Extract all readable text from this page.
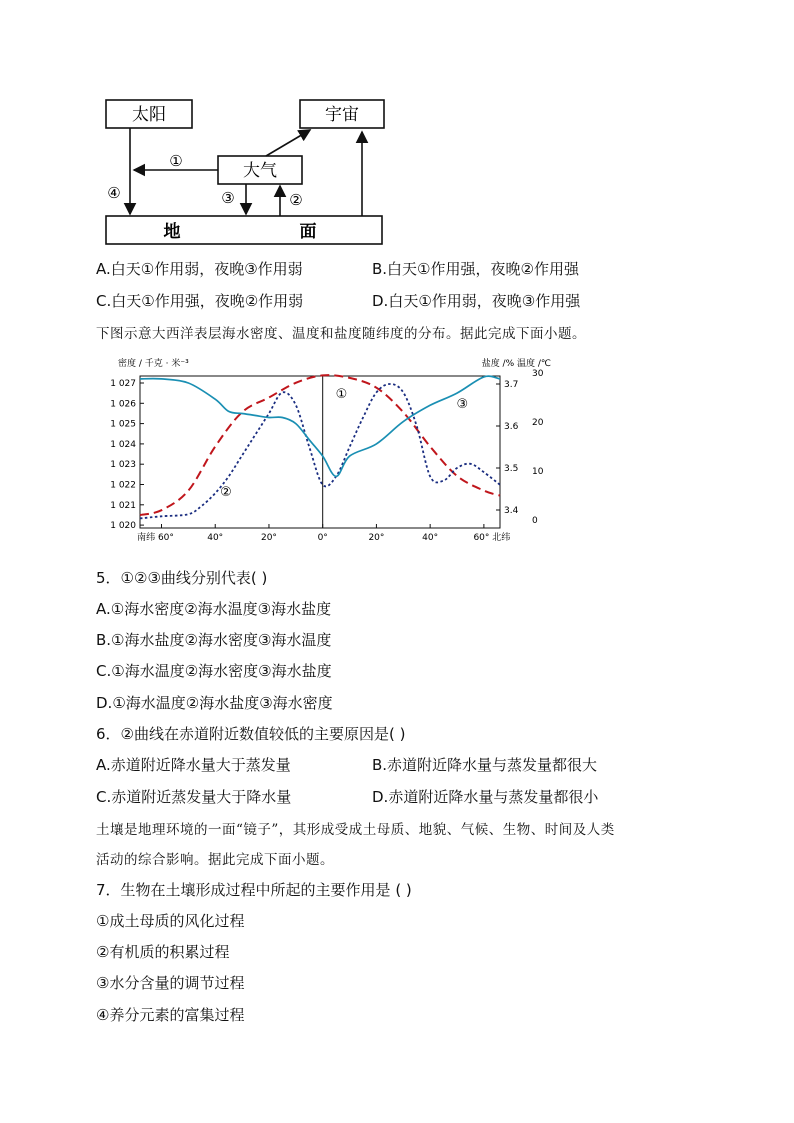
太阳	宇宙
大气
地	面
④
①
③	②
A.白天①作用弱，夜晚③作用弱	B.白天①作用强，夜晚②作用强
C.白天①作用强，夜晚②作用弱	D.白天①作用弱，夜晚③作用强
下图示意大西洋表层海水密度、温度和盐度随纬度的分布。据此完成下面小题。
密度 / 千克 · 米⁻³	盐度 /% 温度 /℃
1 027
1 026
1 025
1 024
1 023
1 022
1 021
1 020
3.7
3.6
3.5
3.4
30
20
10
0
南纬 60°	40°	20°	0°	20°	40°	60° 北纬
①
②
③
5．①②③曲线分别代表( )
A.①海水密度②海水温度③海水盐度
B.①海水盐度②海水密度③海水温度
C.①海水温度②海水密度③海水盐度
D.①海水温度②海水盐度③海水密度
6．②曲线在赤道附近数值较低的主要原因是( )
A.赤道附近降水量大于蒸发量	B.赤道附近降水量与蒸发量都很大
C.赤道附近蒸发量大于降水量	D.赤道附近降水量与蒸发量都很小
土壤是地理环境的一面“镜子”，其形成受成土母质、地貌、气候、生物、时间及人类
活动的综合影响。据此完成下面小题。
7．生物在土壤形成过程中所起的主要作用是 ( )
①成土母质的风化过程
②有机质的积累过程
③水分含量的调节过程
④养分元素的富集过程
